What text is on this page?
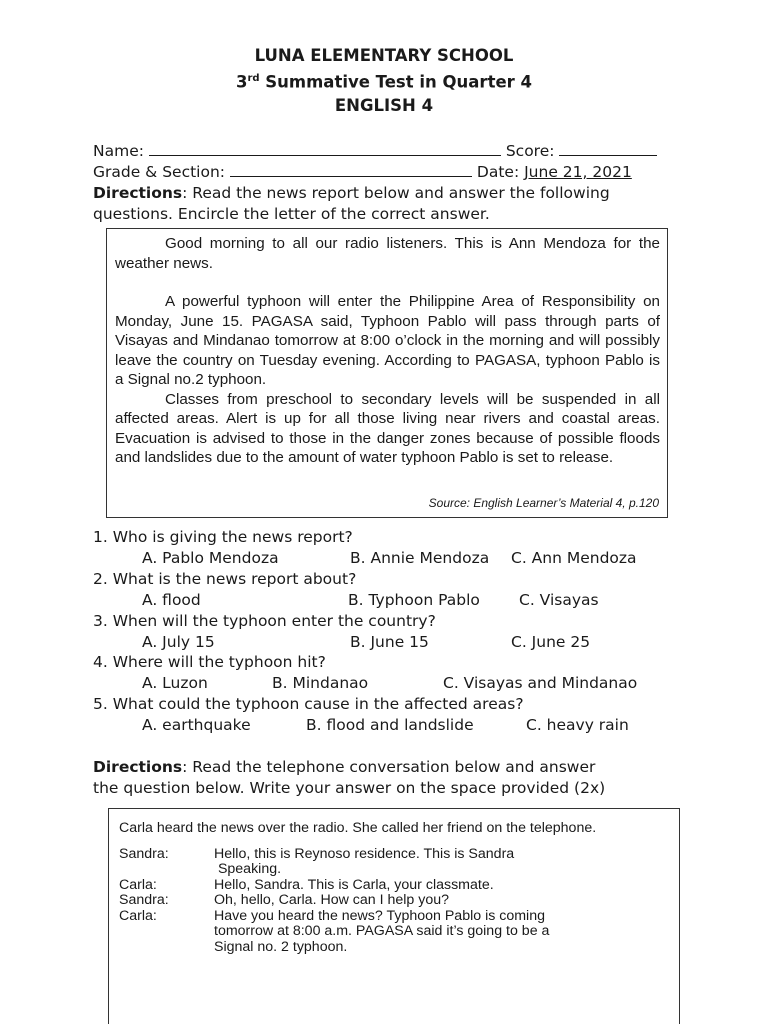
LUNA ELEMENTARY SCHOOL
3rd Summative Test in Quarter 4
ENGLISH 4
Name:	Score:
Grade & Section:	Date: June 21, 2021
Directions: Read the news report below and answer the following
questions. Encircle the letter of the correct answer.

Good morning to all our radio listeners. This is Ann Mendoza for the weather news.

A powerful typhoon will enter the Philippine Area of Responsibility on Monday, June 15. PAGASA said, Typhoon Pablo will pass through parts of Visayas and Mindanao tomorrow at 8:00 o’clock in the morning and will possibly leave the country on Tuesday evening. According to PAGASA, typhoon Pablo is a Signal no.2 typhoon.

Classes from preschool to secondary levels will be suspended in all affected areas. Alert is up for all those living near rivers and coastal areas. Evacuation is advised to those in the danger zones because of possible floods and landslides due to the amount of water typhoon Pablo is set to release.

Source: English Learner’s Material 4, p.120
1. Who is giving the news report?
A. Pablo Mendoza	B. Annie Mendoza C. Ann Mendoza
2. What is the news report about?
A. flood	B. Typhoon Pablo	C. Visayas
3. When will the typhoon enter the country?
A. July 15	B. June 15	C. June 25
4. Where will the typhoon hit?
A. Luzon	B. Mindanao	C. Visayas and Mindanao
5. What could the typhoon cause in the affected areas?
A. earthquake	B. flood and landslide	C. heavy rain
Directions: Read the telephone conversation below and answer
the question below. Write your answer on the space provided (2x)

Carla heard the news over the radio. She called her friend on the telephone.

Sandra:	Hello, this is Reynoso residence. This is Sandra
Speaking.
Carla:	Hello, Sandra. This is Carla, your classmate.
Sandra:	Oh, hello, Carla. How can I help you?
Carla:	Have you heard the news? Typhoon Pablo is coming
tomorrow at 8:00 a.m. PAGASA said it’s going to be a
Signal no. 2 typhoon.
